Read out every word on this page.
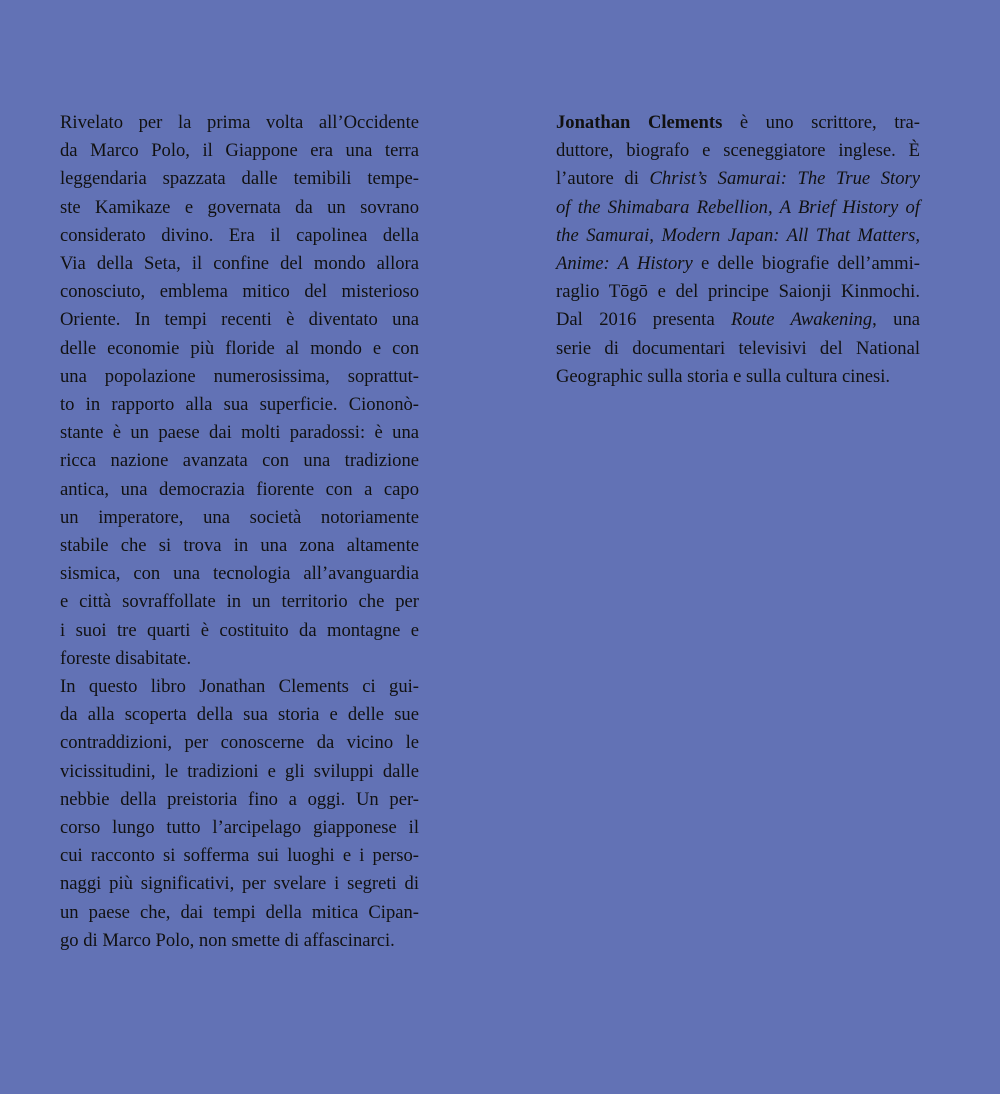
Rivelato per la prima volta all’Occidente
da Marco Polo, il Giappone era una terra
leggendaria spazzata dalle temibili tempe-
ste Kamikaze e governata da un sovrano
considerato divino. Era il capolinea della
Via della Seta, il confine del mondo allora
conosciuto, emblema mitico del misterioso
Oriente. In tempi recenti è diventato una
delle economie più floride al mondo e con
una popolazione numerosissima, soprattut-
to in rapporto alla sua superficie. Ciononò-
stante è un paese dai molti paradossi: è una
ricca nazione avanzata con una tradizione
antica, una democrazia fiorente con a capo
un imperatore, una società notoriamente
stabile che si trova in una zona altamente
sismica, con una tecnologia all’avanguardia
e città sovraffollate in un territorio che per
i suoi tre quarti è costituito da montagne e
foreste disabitate.

In questo libro Jonathan Clements ci gui-
da alla scoperta della sua storia e delle sue
contraddizioni, per conoscerne da vicino le
vicissitudini, le tradizioni e gli sviluppi dalle
nebbie della preistoria fino a oggi. Un per-
corso lungo tutto l’arcipelago giapponese il
cui racconto si sofferma sui luoghi e i perso-
naggi più significativi, per svelare i segreti di
un paese che, dai tempi della mitica Cipan-
go di Marco Polo, non smette di affascinarci.

Jonathan Clements è uno scrittore, tra-
duttore, biografo e sceneggiatore inglese. È
l’autore di Christ’s Samurai: The True Story
of the Shimabara Rebellion, A Brief History of
the Samurai, Modern Japan: All That Matters,
Anime: A History e delle biografie dell’ammi-
raglio Tōgō e del principe Saionji Kinmochi.
Dal 2016 presenta Route Awakening, una
serie di documentari televisivi del National
Geographic sulla storia e sulla cultura cinesi.
